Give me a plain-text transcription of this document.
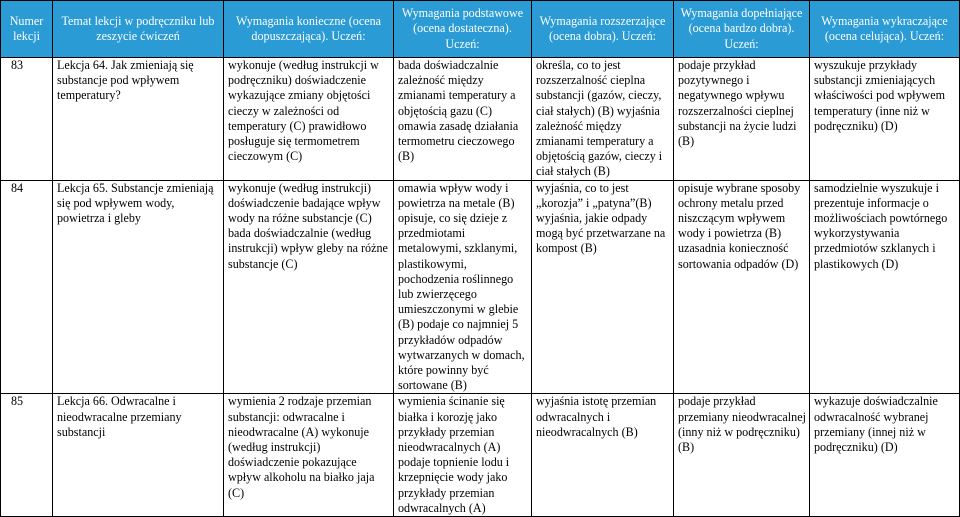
Numer lekcji	Temat lekcji w podręczniku lub zeszycie ćwiczeń	Wymagania konieczne (ocena dopuszczająca). Uczeń:	Wymagania podstawowe (ocena dostateczna). Uczeń:	Wymagania rozszerzające (ocena dobra). Uczeń:	Wymagania dopełniające (ocena bardzo dobra). Uczeń:	Wymagania wykraczające (ocena celująca). Uczeń:
83	Lekcja 64. Jak zmieniają się substancje pod wpływem temperatury?	wykonuje (według instrukcji w podręczniku) doświadczenie wykazujące zmiany objętości cieczy w zależności od temperatury (C) prawidłowo posługuje się termometrem cieczowym (C)	bada doświadczalnie zależność między zmianami temperatury a objętością gazu (C) omawia zasadę działania termometru cieczowego (B)	określa, co to jest rozszerzalność cieplna substancji (gazów, cieczy, ciał stałych) (B) wyjaśnia zależność między zmianami temperatury a objętością gazów, cieczy i ciał stałych (B)	podaje przykład pozytywnego i negatywnego wpływu rozszerzalności cieplnej substancji na życie ludzi (B)	wyszukuje przykłady substancji zmieniających właściwości pod wpływem temperatury (inne niż w podręczniku) (D)
84	Lekcja 65. Substancje zmieniają się pod wpływem wody, powietrza i gleby	wykonuje (według instrukcji) doświadczenie badające wpływ wody na różne substancje (C) bada doświadczalnie (według instrukcji) wpływ gleby na różne substancje (C)	omawia wpływ wody i powietrza na metale (B) opisuje, co się dzieje z przedmiotami metalowymi, szklanymi, plastikowymi, pochodzenia roślinnego lub zwierzęcego umieszczonymi w glebie (B) podaje co najmniej 5 przykładów odpadów wytwarzanych w domach, które powinny być sortowane (B)	wyjaśnia, co to jest „korozja” i „patyna”(B) wyjaśnia, jakie odpady mogą być przetwarzane na kompost (B)	opisuje wybrane sposoby ochrony metalu przed niszczącym wpływem wody i powietrza (B) uzasadnia konieczność sortowania odpadów (D)	samodzielnie wyszukuje i prezentuje informacje o możliwościach powtórnego wykorzystywania przedmiotów szklanych i plastikowych (D)
85	Lekcja 66. Odwracalne i nieodwracalne przemiany substancji	wymienia 2 rodzaje przemian substancji: odwracalne i nieodwracalne (A) wykonuje (według instrukcji) doświadczenie pokazujące wpływ alkoholu na białko jaja (C)	wymienia ścinanie się białka i korozję jako przykłady przemian nieodwracalnych (A) podaje topnienie lodu i krzepnięcie wody jako przykłady przemian odwracalnych (A)	wyjaśnia istotę przemian odwracalnych i nieodwracalnych (B)	podaje przykład przemiany nieodwracalnej (inny niż w podręczniku) (B)	wykazuje doświadczalnie odwracalność wybranej przemiany (innej niż w podręczniku) (D)
